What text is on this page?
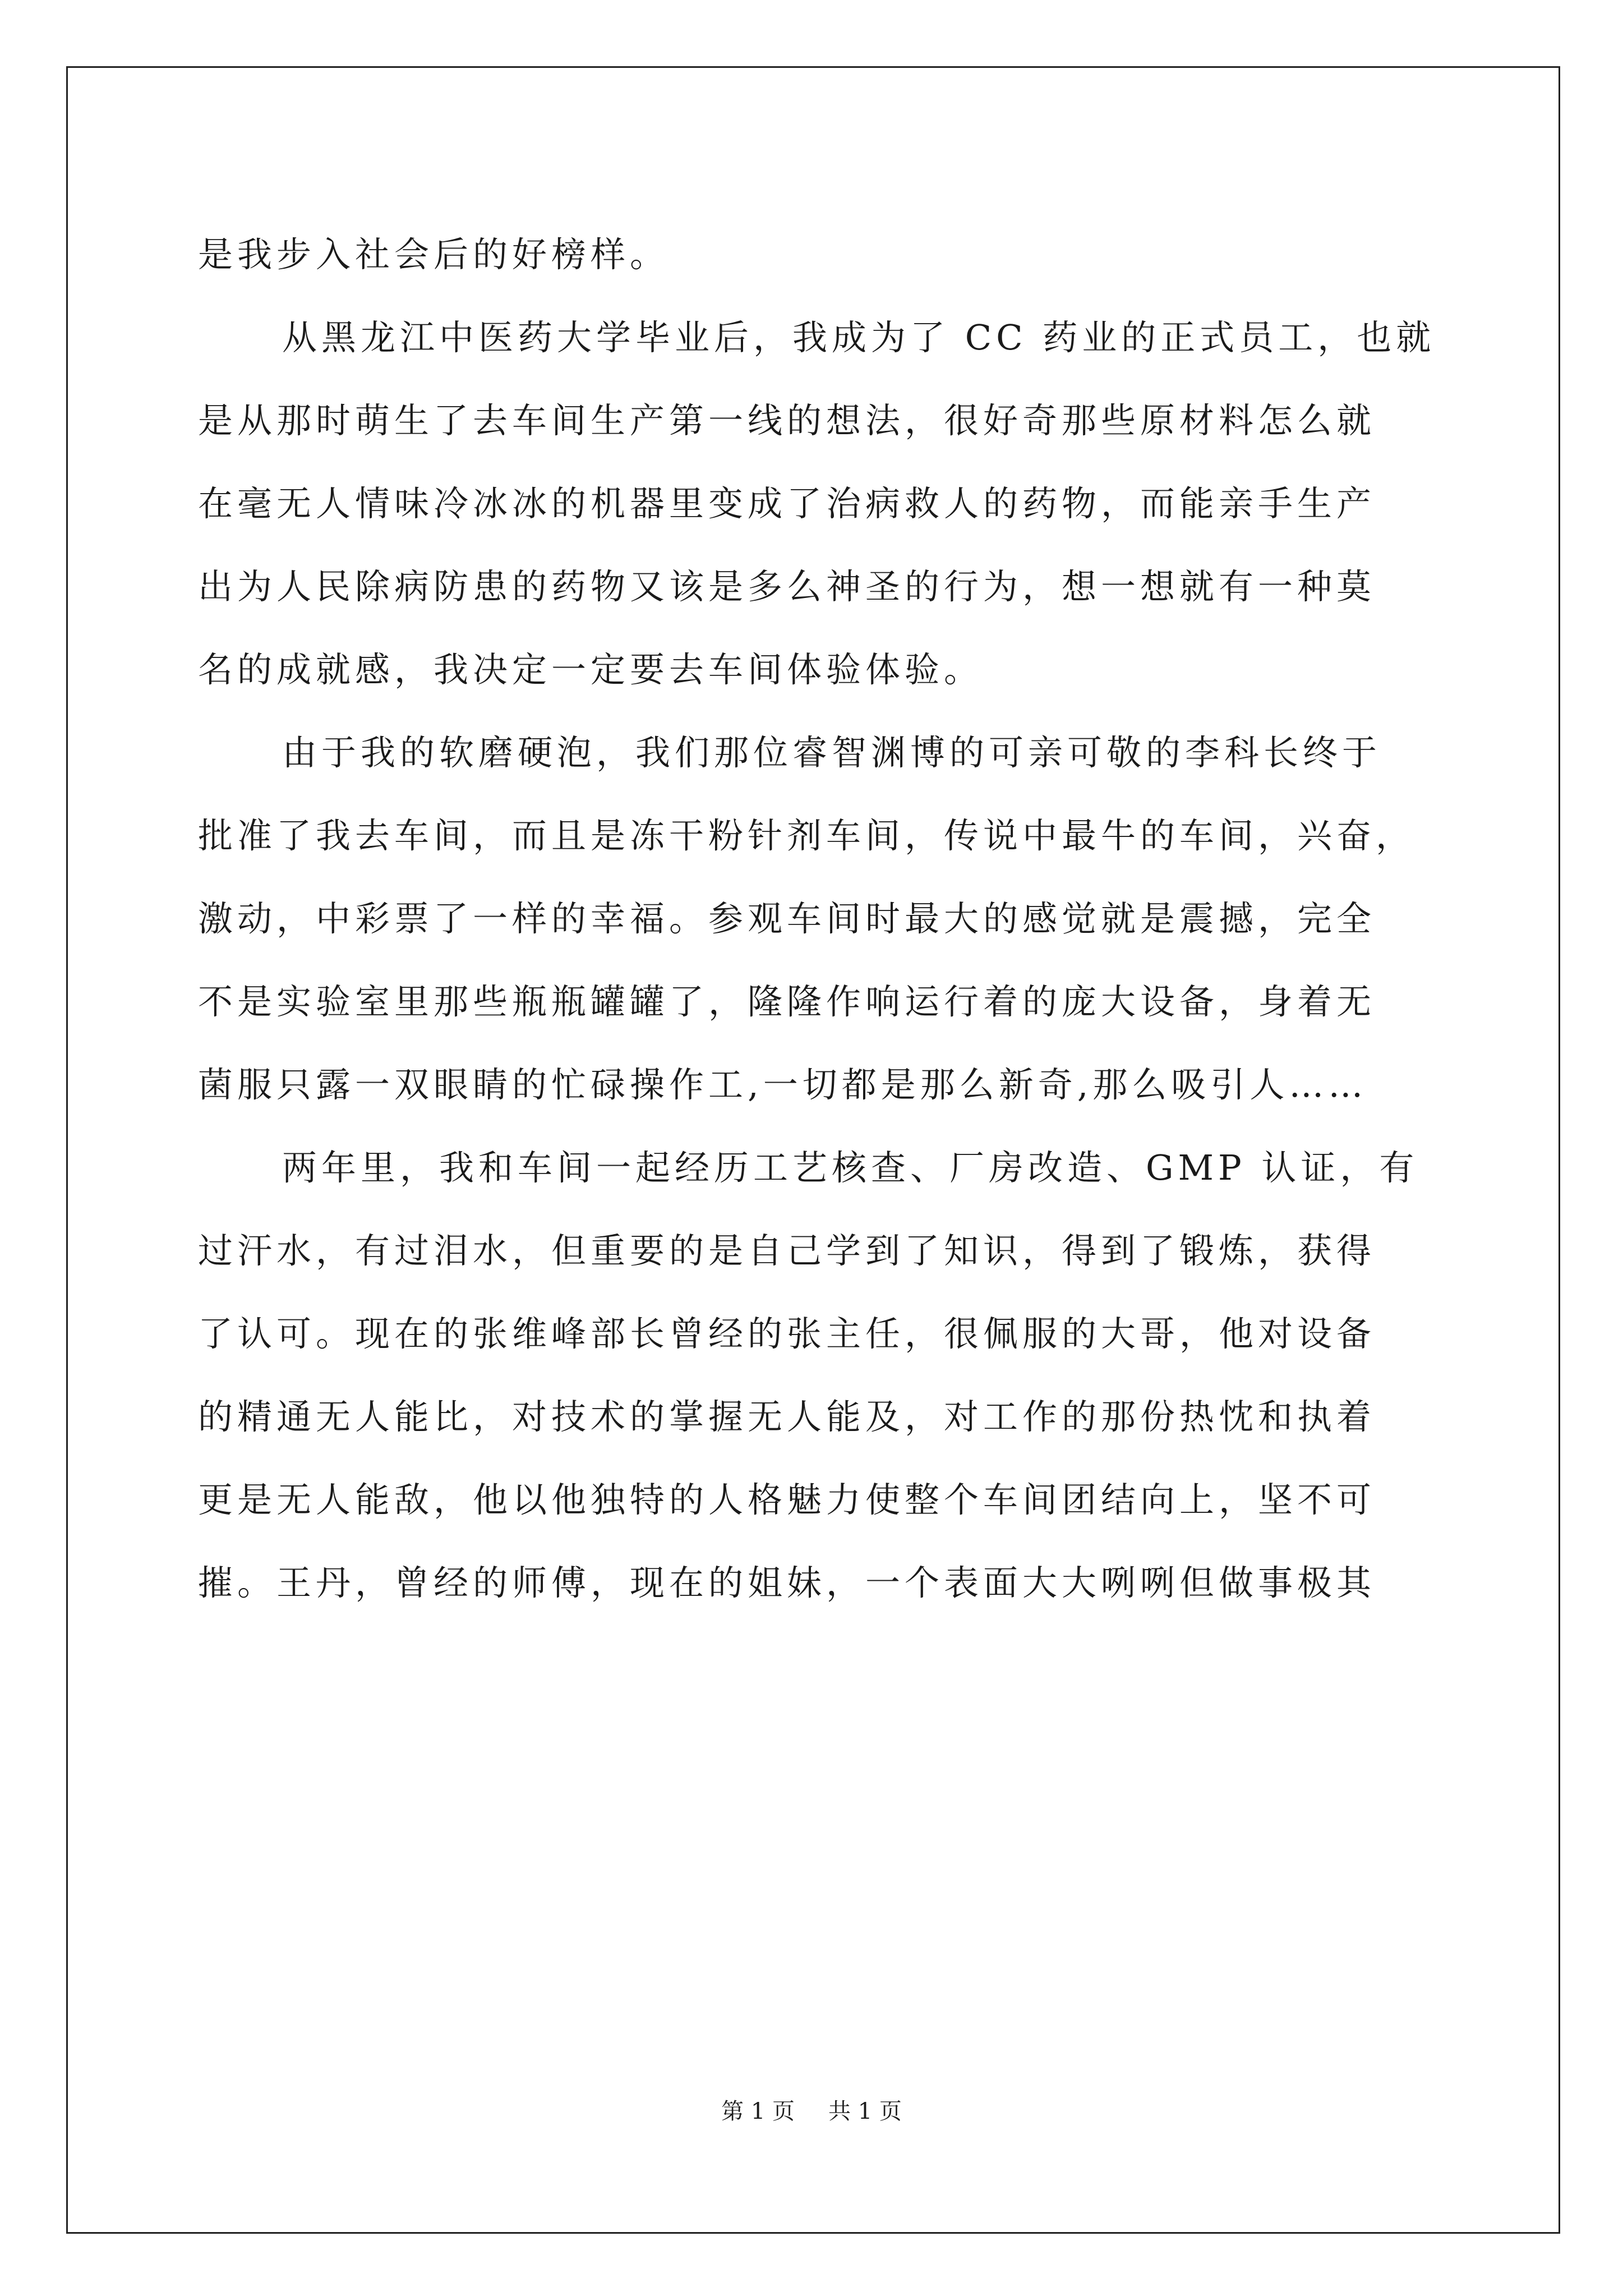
是我步入社会后的好榜样。
从黑龙江中医药大学毕业后，我成为了 CC 药业的正式员工，也就
是从那时萌生了去车间生产第一线的想法，很好奇那些原材料怎么就
在毫无人情味冷冰冰的机器里变成了治病救人的药物，而能亲手生产
出为人民除病防患的药物又该是多么神圣的行为，想一想就有一种莫
名的成就感，我决定一定要去车间体验体验。
由于我的软磨硬泡，我们那位睿智渊博的可亲可敬的李科长终于
批准了我去车间，而且是冻干粉针剂车间，传说中最牛的车间，兴奋，
激动，中彩票了一样的幸福。参观车间时最大的感觉就是震撼，完全
不是实验室里那些瓶瓶罐罐了，隆隆作响运行着的庞大设备，身着无
菌服只露一双眼睛的忙碌操作工,一切都是那么新奇,那么吸引人……
两年里，我和车间一起经历工艺核查、厂房改造、GMP 认证，有
过汗水，有过泪水，但重要的是自己学到了知识，得到了锻炼，获得
了认可。现在的张维峰部长曾经的张主任，很佩服的大哥，他对设备
的精通无人能比，对技术的掌握无人能及，对工作的那份热忱和执着
更是无人能敌，他以他独特的人格魅力使整个车间团结向上，坚不可
摧。王丹，曾经的师傅，现在的姐妹，一个表面大大咧咧但做事极其
第 1 页 共 1 页
